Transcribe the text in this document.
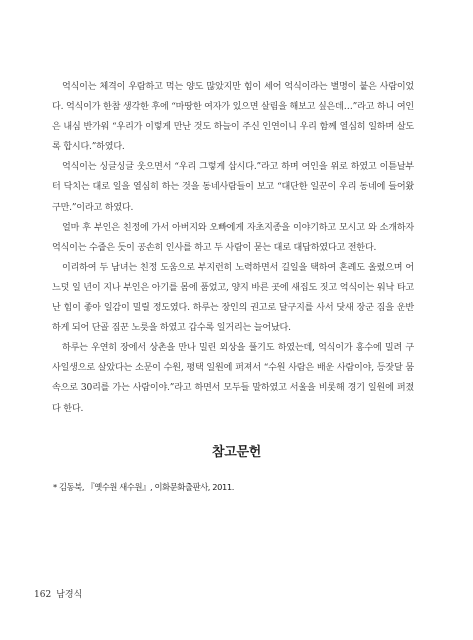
억식이는 체격이 우람하고 먹는 양도 많았지만 힘이 세어 억식이라는 별명이 붙은 사람이었다. 억식이가 한참 생각한 후에 “마땅한 여자가 있으면 살림을 해보고 싶은데…”라고 하니 여인은 내심 반가워 “우리가 이렇게 만난 것도 하늘이 주신 인연이니 우리 함께 열심히 일하며 살도록 합시다.”하였다.

억식이는 싱글싱글 웃으면서 “우리 그렇게 삽시다.”라고 하며 여인을 위로 하였고 이튿날부터 닥치는 대로 일을 열심히 하는 것을 동네사람들이 보고 “대단한 일꾼이 우리 동네에 들어왔구만.”이라고 하였다.

얼마 후 부인은 친정에 가서 아버지와 오빠에게 자초지종을 이야기하고 모시고 와 소개하자 억식이는 수줍은 듯이 공손히 인사를 하고 두 사람이 묻는 대로 대답하였다고 전한다.

이리하여 두 남녀는 친정 도움으로 부지런히 노력하면서 길일을 택하여 혼례도 올렸으며 어느덧 일 년이 지나 부인은 아기를 몸에 품었고, 양지 바른 곳에 새집도 짓고 억식이는 워낙 타고난 힘이 좋아 일감이 밀릴 정도였다. 하루는 장인의 권고로 달구지를 사서 닷새 장군 짐을 운반하게 되어 단골 짐꾼 노릇을 하였고 갑수록 일거리는 늘어났다.

하루는 우연히 장에서 상촌을 만나 밀린 외상을 풀기도 하였는데, 억식이가 홍수에 밀려 구사일생으로 살았다는 소문이 수원, 평택 일원에 퍼져서 “수원 사람은 배운 사람이야, 등잣달 뭄속으로 30리를 가는 사람이야.”라고 하면서 모두들 말하였고 서울을 비롯해 경기 일원에 퍼졌다 한다.

참고문헌
* 김동북, 『옛수원 새수원』, 이화문화출판사, 2011.
162 남경식
